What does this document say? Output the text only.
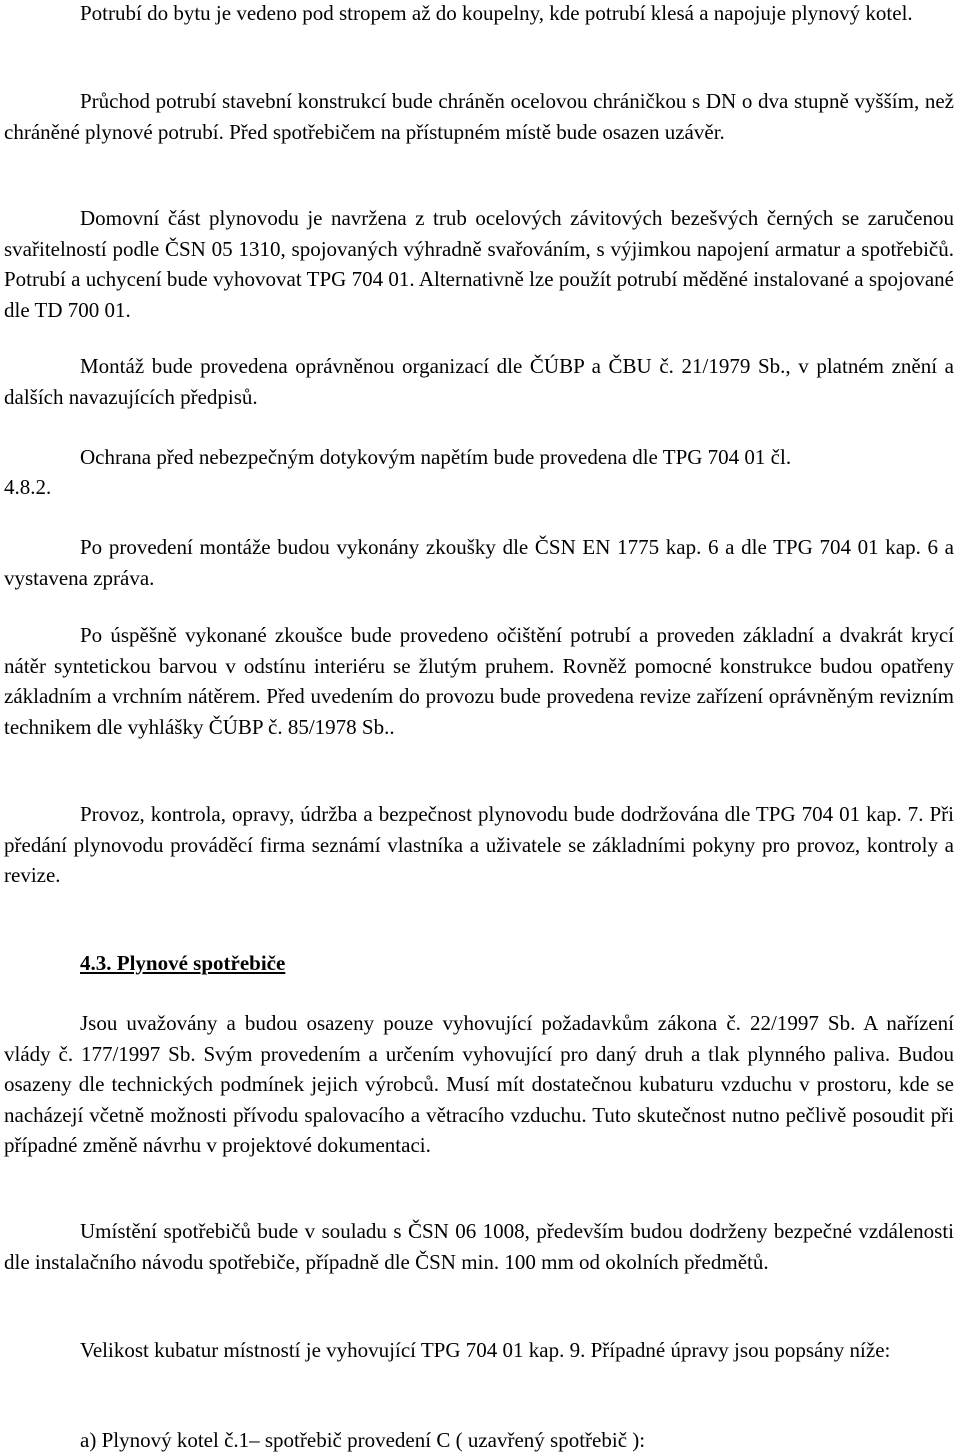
Potrubí do bytu je vedeno pod stropem až do koupelny, kde potrubí klesá a napojuje plynový kotel.

Průchod potrubí stavební konstrukcí bude chráněn ocelovou chráničkou s DN o dva stupně vyšším, než chráněné plynové potrubí. Před spotřebičem na přístupném místě bude osazen uzávěr.

Domovní část plynovodu je navržena z trub ocelových závitových bezešvých černých se zaručenou svařitelností podle ČSN 05 1310, spojovaných výhradně svařováním, s výjimkou napojení armatur a spotřebičů. Potrubí a uchycení bude vyhovovat TPG 704 01. Alternativně lze použít potrubí měděné instalované a spojované dle TD 700 01.

Montáž bude provedena oprávněnou organizací dle ČÚBP a ČBU č. 21/1979 Sb., v platném znění a dalších navazujících předpisů.

Ochrana před nebezpečným dotykovým napětím bude provedena dle TPG 704 01 čl.

4.8.2.

Po provedení montáže budou vykonány zkoušky dle ČSN EN 1775 kap. 6 a dle TPG 704 01 kap. 6 a vystavena zpráva.

Po úspěšně vykonané zkoušce bude provedeno očištění potrubí a proveden základní a dvakrát krycí nátěr syntetickou barvou v odstínu interiéru se žlutým pruhem. Rovněž pomocné konstrukce budou opatřeny základním a vrchním nátěrem. Před uvedením do provozu bude provedena revize zařízení oprávněným revizním technikem dle vyhlášky ČÚBP č. 85/1978 Sb..

Provoz, kontrola, opravy, údržba a bezpečnost plynovodu bude dodržována dle TPG 704 01 kap. 7. Při předání plynovodu prováděcí firma seznámí vlastníka a uživatele se základními pokyny pro provoz, kontroly a revize.

4.3. Plynové spotřebiče

Jsou uvažovány a budou osazeny pouze vyhovující požadavkům zákona č. 22/1997 Sb. A nařízení vlády č. 177/1997 Sb. Svým provedením a určením vyhovující pro daný druh a tlak plynného paliva. Budou osazeny dle technických podmínek jejich výrobců. Musí mít dostatečnou kubaturu vzduchu v prostoru, kde se nacházejí včetně možnosti přívodu spalovacího a větracího vzduchu. Tuto skutečnost nutno pečlivě posoudit při případné změně návrhu v projektové dokumentaci.

Umístění spotřebičů bude v souladu s ČSN 06 1008, především budou dodrženy bezpečné vzdálenosti dle instalačního návodu spotřebiče, případně dle ČSN min. 100 mm od okolních předmětů.

Velikost kubatur místností je vyhovující TPG 704 01 kap. 9. Případné úpravy jsou popsány níže:

a) Plynový kotel č.1– spotřebič provedení C ( uzavřený spotřebič ):
